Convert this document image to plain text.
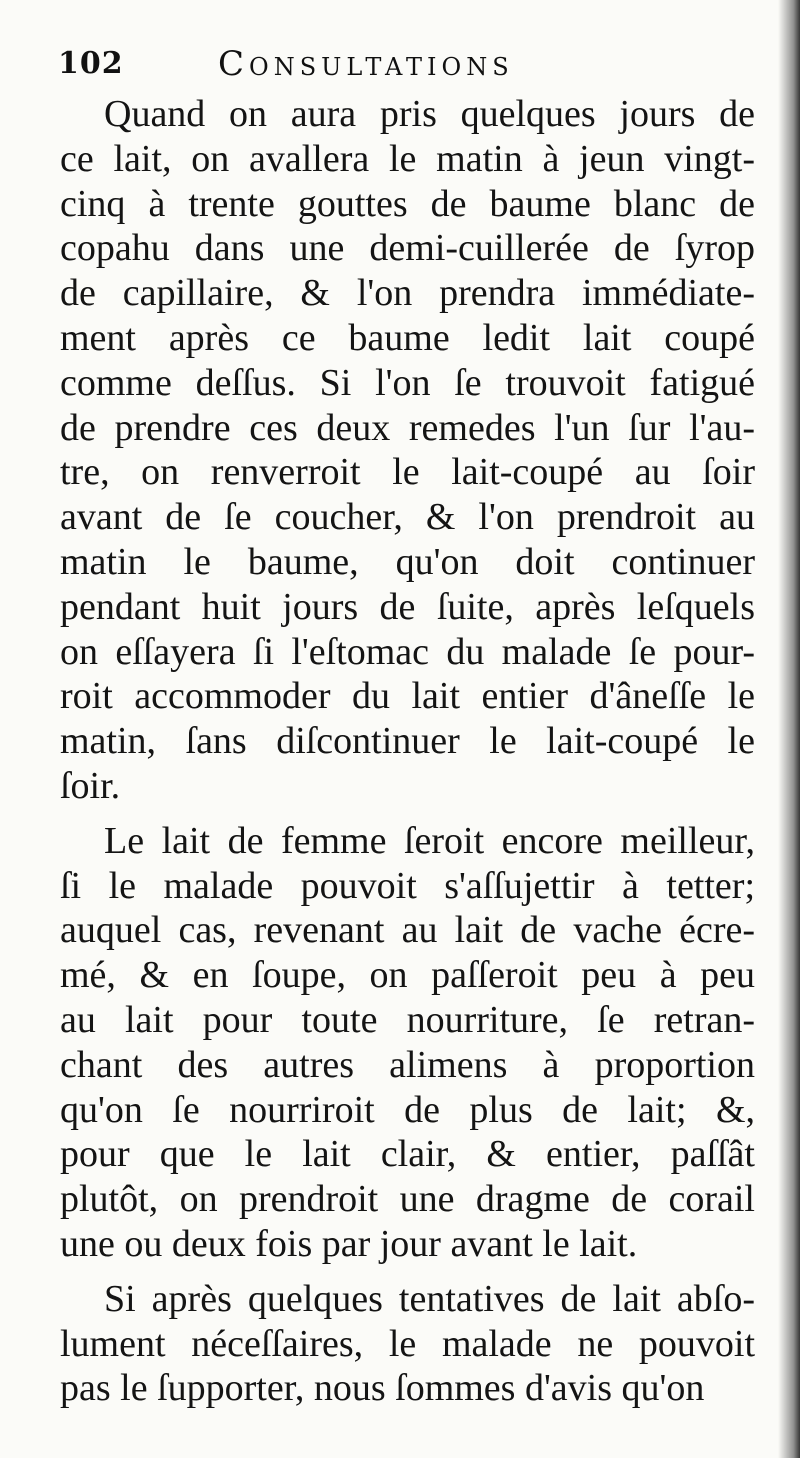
102	Consultations
Quand on aura pris quelques jours de
ce lait, on avallera le matin à jeun vingt-
cinq à trente gouttes de baume blanc de
copahu dans une demi-cuillerée de ſyrop
de capillaire, & l'on prendra immédiate-
ment après ce baume ledit lait coupé
comme deſſus. Si l'on ſe trouvoit fatigué
de prendre ces deux remedes l'un ſur l'au-
tre, on renverroit le lait-coupé au ſoir
avant de ſe coucher, & l'on prendroit au
matin le baume, qu'on doit continuer
pendant huit jours de ſuite, après leſquels
on eſſayera ſi l'eſtomac du malade ſe pour-
roit accommoder du lait entier d'âneſſe le
matin, ſans diſcontinuer le lait-coupé le
ſoir.
Le lait de femme ſeroit encore meilleur,
ſi le malade pouvoit s'aſſujettir à tetter;
auquel cas, revenant au lait de vache écre-
mé, & en ſoupe, on paſſeroit peu à peu
au lait pour toute nourriture, ſe retran-
chant des autres alimens à proportion
qu'on ſe nourriroit de plus de lait; &,
pour que le lait clair, & entier, paſſât
plutôt, on prendroit une dragme de corail
une ou deux fois par jour avant le lait.
Si après quelques tentatives de lait abſo-
lument néceſſaires, le malade ne pouvoit
pas le ſupporter, nous ſommes d'avis qu'on
